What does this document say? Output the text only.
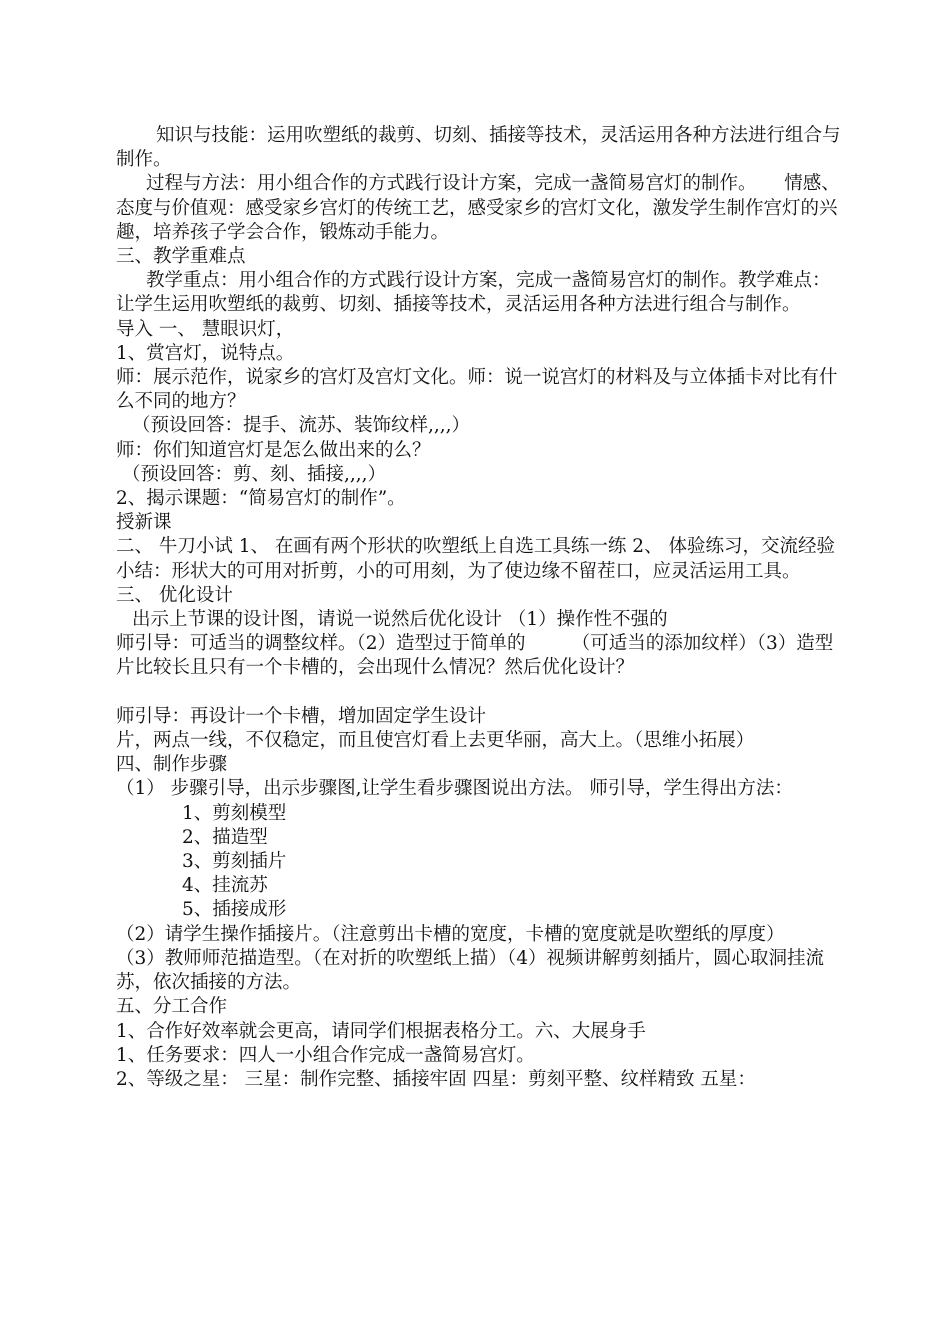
知识与技能：运用吹塑纸的裁剪、切刻、插接等技术，灵活运用各种方法进行组合与制作。

过程与方法：用小组合作的方式践行设计方案，完成一盏简易宫灯的制作。　　情感、态度与价值观：感受家乡宫灯的传统工艺，感受家乡的宫灯文化，激发学生制作宫灯的兴趣，培养孩子学会合作，锻炼动手能力。

三、教学重难点

教学重点：用小组合作的方式践行设计方案，完成一盏简易宫灯的制作。教学难点：让学生运用吹塑纸的裁剪、切刻、插接等技术，灵活运用各种方法进行组合与制作。

导入 一、 慧眼识灯，

1、赏宫灯，说特点。

师：展示范作，说家乡的宫灯及宫灯文化。师：说一说宫灯的材料及与立体插卡对比有什么不同的地方？

（预设回答：提手、流苏、装饰纹样,,,,）

师：你们知道宫灯是怎么做出来的么？

（预设回答：剪、刻、插接,,,,）

2、揭示课题：“简易宫灯的制作”。

授新课

二、 牛刀小试 1、 在画有两个形状的吹塑纸上自选工具练一练 2、 体验练习，交流经验 小结：形状大的可用对折剪，小的可用刻，为了使边缘不留茬口，应灵活运用工具。

三、 优化设计

出示上节课的设计图，请说一说然后优化设计 （1）操作性不强的

师引导：可适当的调整纹样。（2）造型过于简单的　　　（可适当的添加纹样）（3）造型片比较长且只有一个卡槽的，会出现什么情况？然后优化设计？

师引导：再设计一个卡槽，增加固定学生设计

片，两点一线，不仅稳定，而且使宫灯看上去更华丽，高大上。（思维小拓展）

四、制作步骤

（1） 步骤引导，出示步骤图,让学生看步骤图说出方法。 师引导，学生得出方法：

1、剪刻模型

2、描造型

3、剪刻插片

4、挂流苏

5、插接成形

（2）请学生操作插接片。（注意剪出卡槽的宽度，卡槽的宽度就是吹塑纸的厚度）

（3）教师师范描造型。（在对折的吹塑纸上描）（4）视频讲解剪刻插片，圆心取洞挂流苏，依次插接的方法。

五、分工合作

1、合作好效率就会更高，请同学们根据表格分工。六、大展身手

1、任务要求：四人一小组合作完成一盏简易宫灯。

2、等级之星： 三星：制作完整、插接牢固 四星：剪刻平整、纹样精致 五星：
